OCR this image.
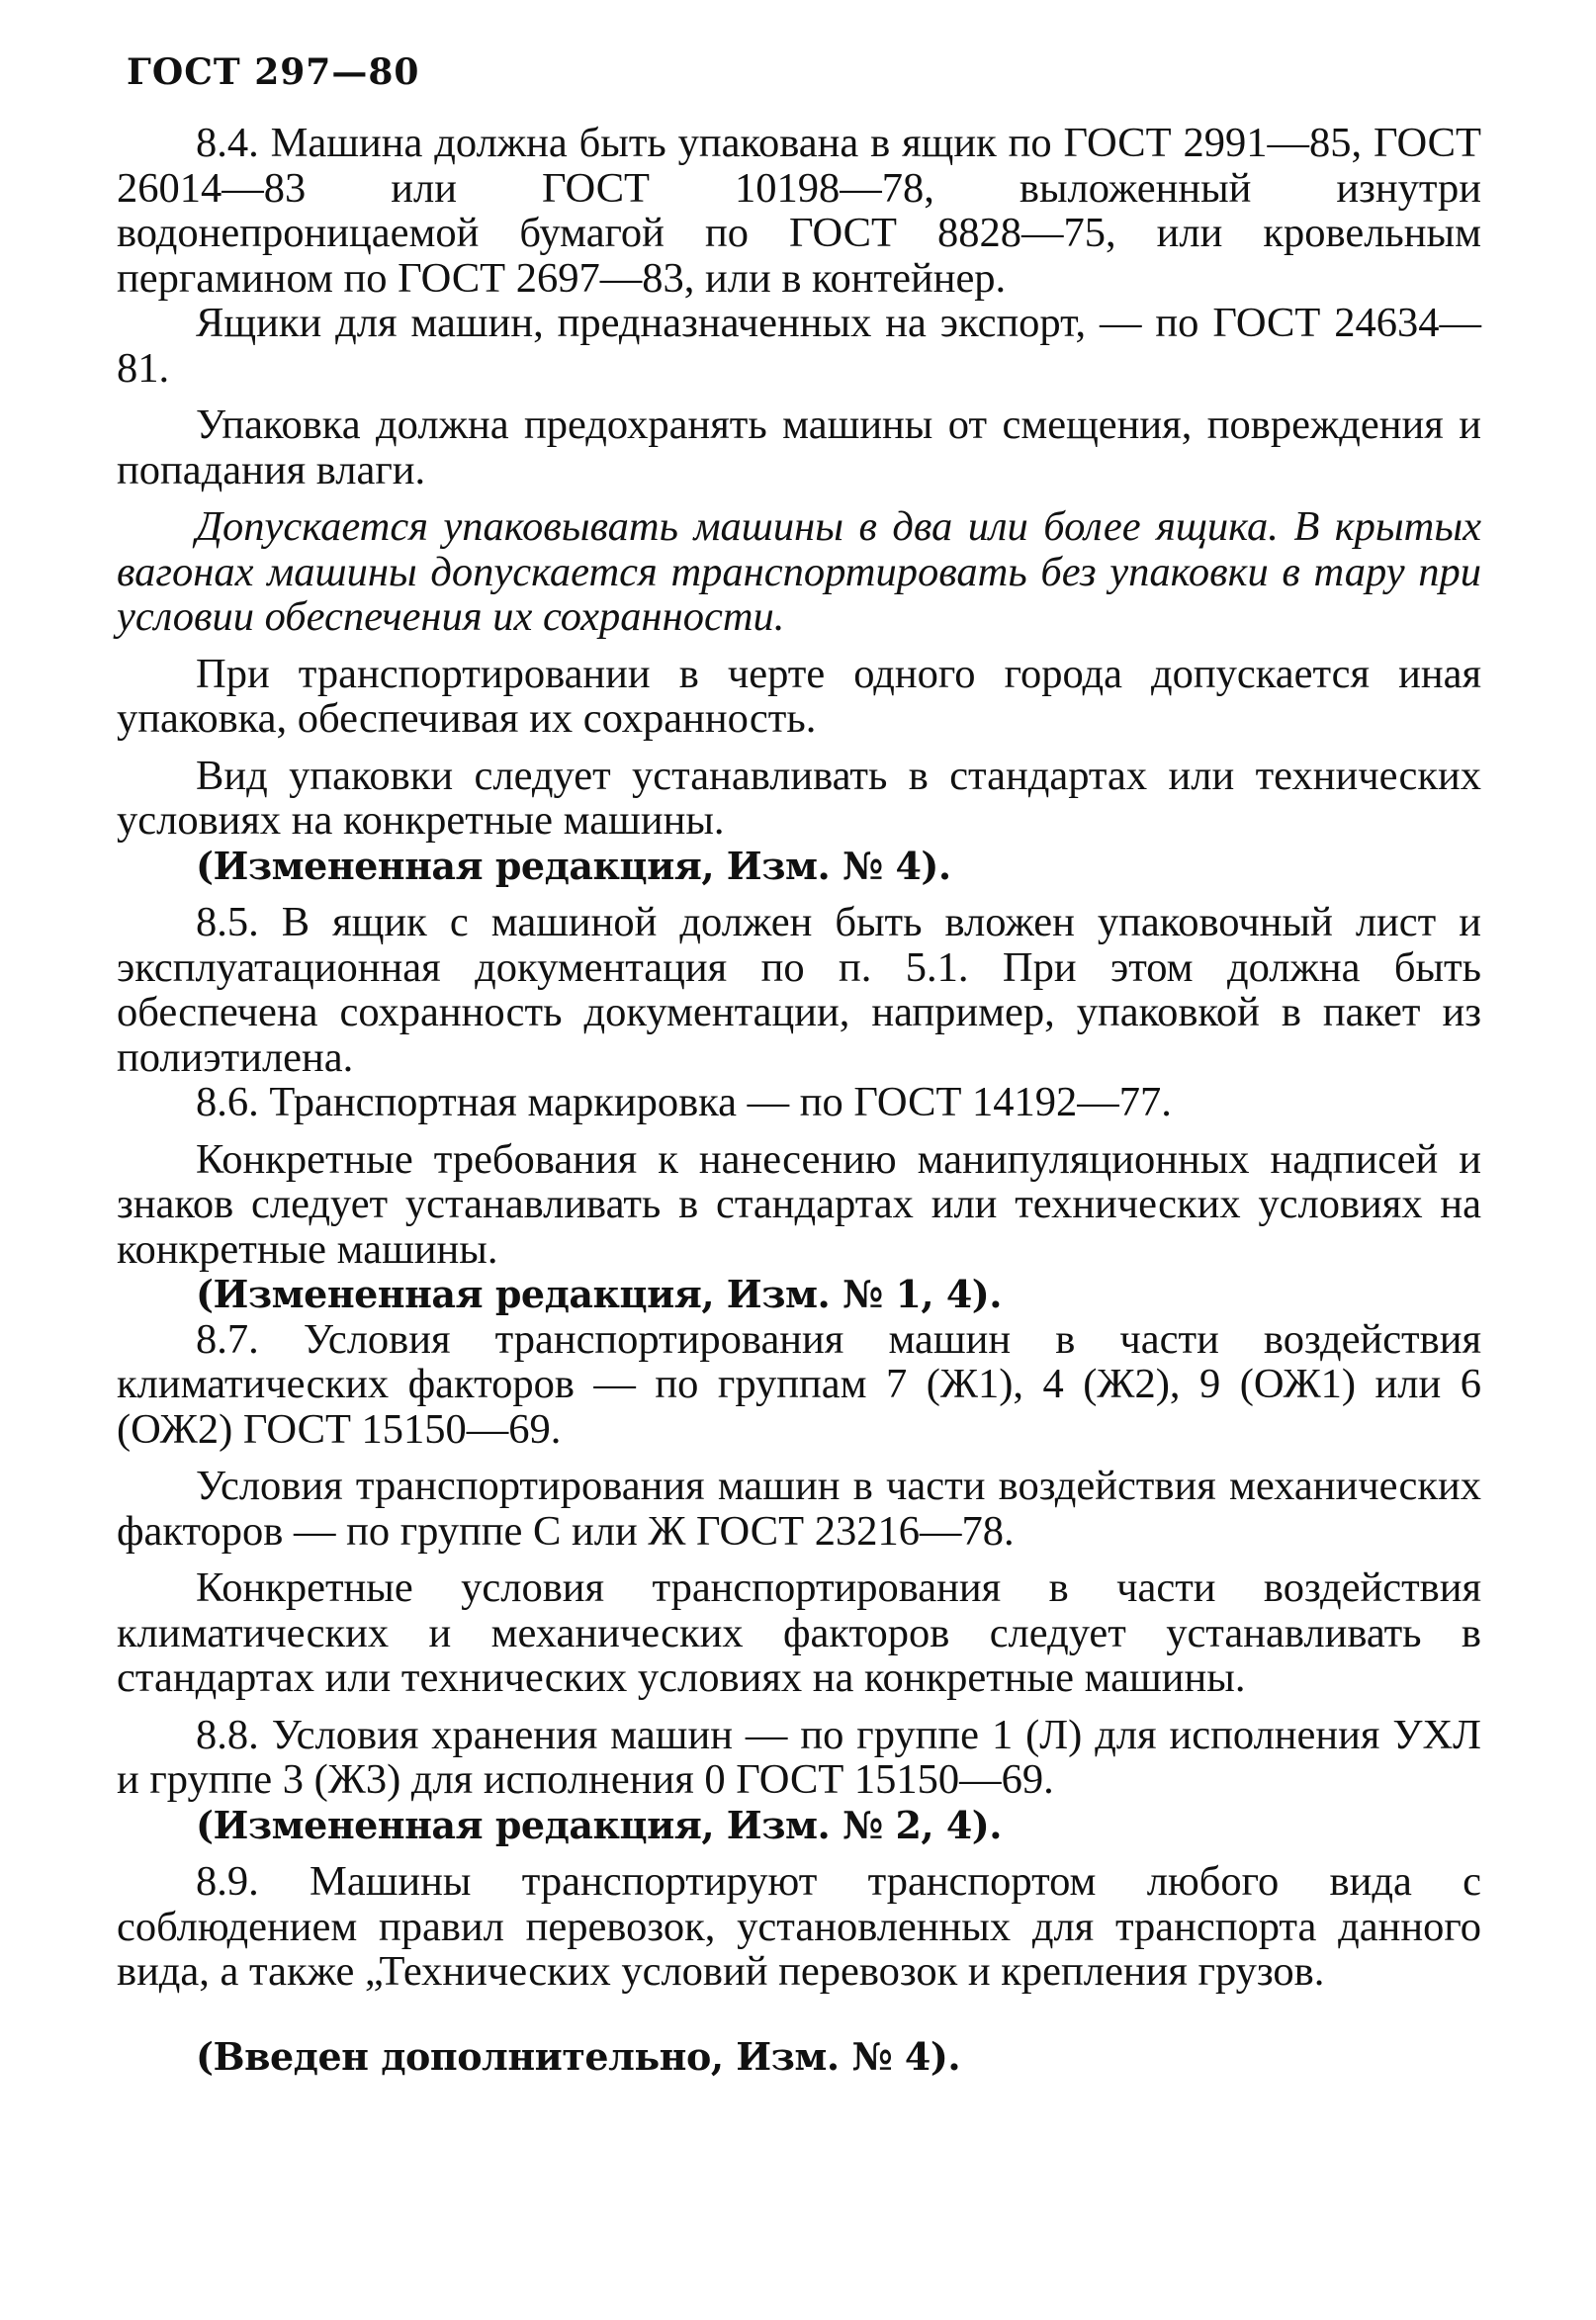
ГОСТ 297—80

8.4. Машина должна быть упакована в ящик по ГОСТ 2991—85, ГОСТ 26014—83 или ГОСТ 10198—78, выложенный изнутри водонепроницаемой бумагой по ГОСТ 8828—75, или кровельным пергамином по ГОСТ 2697—83, или в контейнер.

Ящики для машин, предназначенных на экспорт, — по ГОСТ 24634—81.

Упаковка должна предохранять машины от смещения, повреждения и попадания влаги.

Допускается упаковывать машины в два или более ящика. В крытых вагонах машины допускается транспортировать без упаковки в тару при условии обеспечения их сохранности.

При транспортировании в черте одного города допускается иная упаковка, обеспечивая их сохранность.

Вид упаковки следует устанавливать в стандартах или технических условиях на конкретные машины.

(Измененная редакция, Изм. № 4).

8.5. В ящик с машиной должен быть вложен упаковочный лист и эксплуатационная документация по п. 5.1. При этом должна быть обеспечена сохранность документации, например, упаковкой в пакет из полиэтилена.

8.6. Транспортная маркировка — по ГОСТ 14192—77.

Конкретные требования к нанесению манипуляционных надписей и знаков следует устанавливать в стандартах или технических условиях на конкретные машины.

(Измененная редакция, Изм. № 1, 4).

8.7. Условия транспортирования машин в части воздействия климатических факторов — по группам 7 (Ж1), 4 (Ж2), 9 (ОЖ1) или 6 (ОЖ2) ГОСТ 15150—69.

Условия транспортирования машин в части воздействия механических факторов — по группе С или Ж ГОСТ 23216—78.

Конкретные условия транспортирования в части воздействия климатических и механических факторов следует устанавливать в стандартах или технических условиях на конкретные машины.

8.8. Условия хранения машин — по группе 1 (Л) для исполнения УХЛ и группе 3 (Ж3) для исполнения 0 ГОСТ 15150—69.

(Измененная редакция, Изм. № 2, 4).

8.9. Машины транспортируют транспортом любого вида с соблюдением правил перевозок, установленных для транспорта данного вида, а также „Технических условий перевозок и крепления грузов.

(Введен дополнительно, Изм. № 4).
